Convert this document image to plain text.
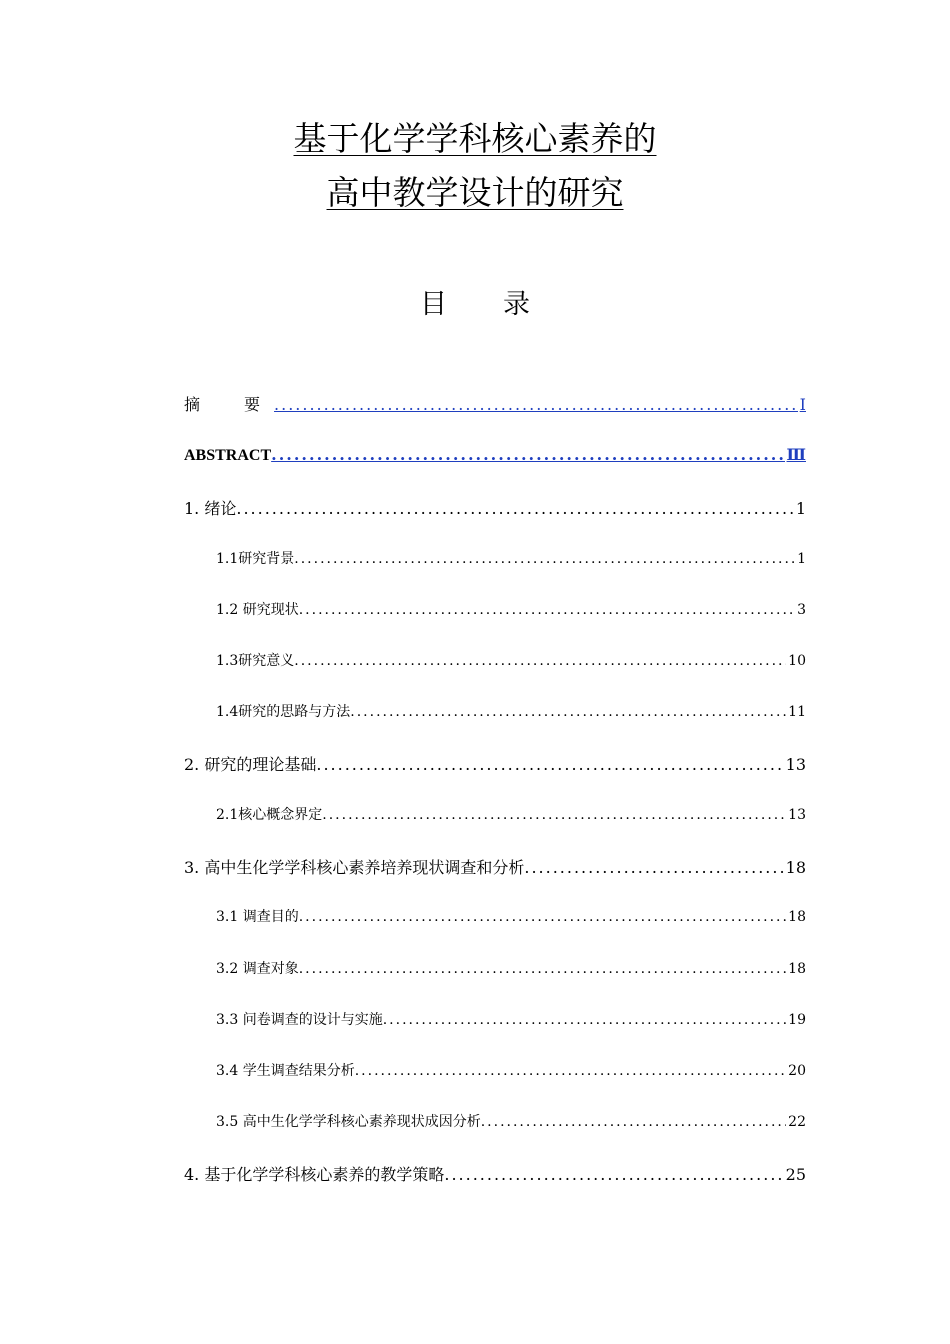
基于化学学科核心素养的
高中教学设计的研究
目录
摘　要 .....	Ⅰ
ABSTRACT .....	Ⅲ
1. 绪论 .....	1
1.1研究背景 .....	1
1.2 研究现状 .....	3
1.3研究意义 .....	10
1.4研究的思路与方法 .....	11
2. 研究的理论基础 .....	13
2.1核心概念界定 .....	13
3. 高中生化学学科核心素养培养现状调查和分析 .....	18
3.1 调查目的 .....	18
3.2 调查对象 .....	18
3.3 问卷调查的设计与实施 .....	19
3.4 学生调查结果分析 .....	20
3.5 高中生化学学科核心素养现状成因分析 .....	22
4. 基于化学学科核心素养的教学策略 .....	25
